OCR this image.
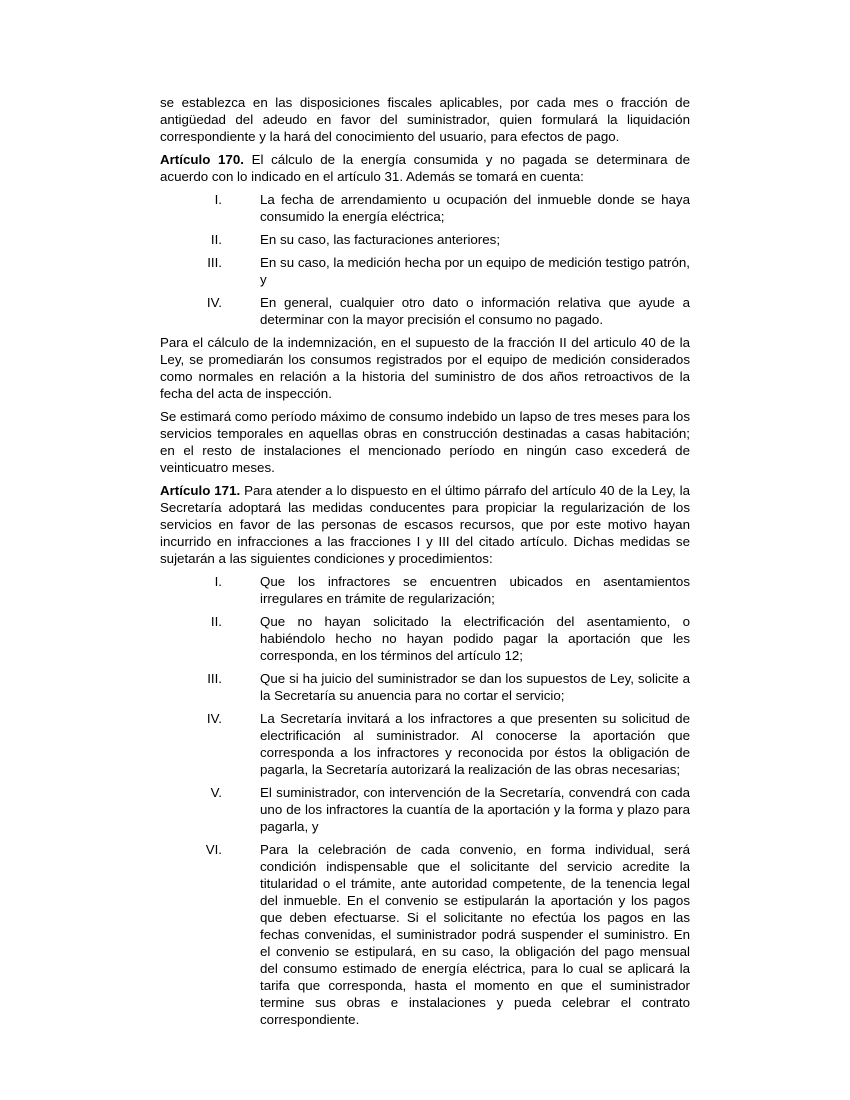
se establezca en las disposiciones fiscales aplicables, por cada mes o fracción de antigüedad del adeudo en favor del suministrador, quien formulará la liquidación correspondiente y la hará del conocimiento del usuario, para efectos de pago.

Artículo 170. El cálculo de la energía consumida y no pagada se determinara de acuerdo con lo indicado en el artículo 31. Además se tomará en cuenta:

I.	La fecha de arrendamiento u ocupación del inmueble donde se haya consumido la energía eléctrica;
II.	En su caso, las facturaciones anteriores;
III.	En su caso, la medición hecha por un equipo de medición testigo patrón, y
IV.	En general, cualquier otro dato o información relativa que ayude a determinar con la mayor precisión el consumo no pagado.

Para el cálculo de la indemnización, en el supuesto de la fracción II del articulo 40 de la Ley, se promediarán los consumos registrados por el equipo de medición considerados como normales en relación a la historia del suministro de dos años retroactivos de la fecha del acta de inspección.

Se estimará como período máximo de consumo indebido un lapso de tres meses para los servicios temporales en aquellas obras en construcción destinadas a casas habitación; en el resto de instalaciones el mencionado período en ningún caso excederá de veinticuatro meses.

Artículo 171. Para atender a lo dispuesto en el último párrafo del artículo 40 de la Ley, la Secretaría adoptará las medidas conducentes para propiciar la regularización de los servicios en favor de las personas de escasos recursos, que por este motivo hayan incurrido en infracciones a las fracciones I y III del citado artículo. Dichas medidas se sujetarán a las siguientes condiciones y procedimientos:

I.	Que los infractores se encuentren ubicados en asentamientos irregulares en trámite de regularización;
II.	Que no hayan solicitado la electrificación del asentamiento, o habiéndolo hecho no hayan podido pagar la aportación que les corresponda, en los términos del artículo 12;
III.	Que si ha juicio del suministrador se dan los supuestos de Ley, solicite a la Secretaría su anuencia para no cortar el servicio;
IV.	La Secretaría invitará a los infractores a que presenten su solicitud de electrificación al suministrador. Al conocerse la aportación que corresponda a los infractores y reconocida por éstos la obligación de pagarla, la Secretaría autorizará la realización de las obras necesarias;
V.	El suministrador, con intervención de la Secretaría, convendrá con cada uno de los infractores la cuantía de la aportación y la forma y plazo para pagarla, y
VI.	Para la celebración de cada convenio, en forma individual, será condición indispensable que el solicitante del servicio acredite la titularidad o el trámite, ante autoridad competente, de la tenencia legal del inmueble. En el convenio se estipularán la aportación y los pagos que deben efectuarse. Si el solicitante no efectúa los pagos en las fechas convenidas, el suministrador podrá suspender el suministro. En el convenio se estipulará, en su caso, la obligación del pago mensual del consumo estimado de energía eléctrica, para lo cual se aplicará la tarifa que corresponda, hasta el momento en que el suministrador termine sus obras e instalaciones y pueda celebrar el contrato correspondiente.
